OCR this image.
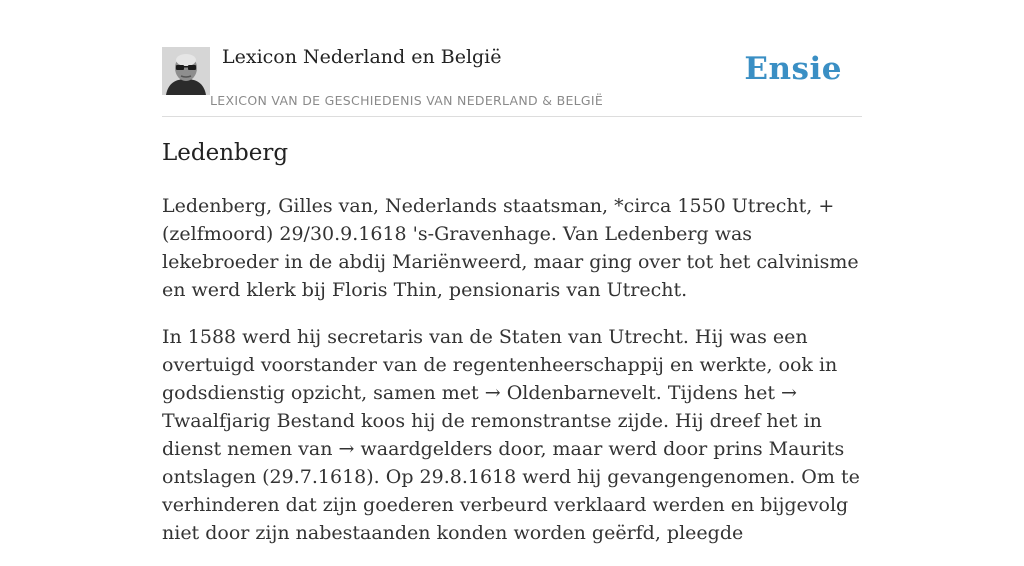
Lexicon Nederland en België
LEXICON VAN DE GESCHIEDENIS VAN NEDERLAND & BELGIË
Ensie
Ledenberg

Ledenberg, Gilles van, Nederlands staatsman, *circa 1550 Utrecht, +(zelfmoord) 29/30.9.1618 's-Gravenhage. Van Ledenberg was lekebroeder in de abdij Mariënweerd, maar ging over tot het calvinisme en werd klerk bij Floris Thin, pensionaris van Utrecht.

In 1588 werd hij secretaris van de Staten van Utrecht. Hij was een overtuigd voorstander van de regentenheerschappij en werkte, ook in godsdienstig opzicht, samen met → Oldenbarnevelt. Tijdens het → Twaalfjarig Bestand koos hij de remonstrantse zijde. Hij dreef het in dienst nemen van → waardgelders door, maar werd door prins Maurits ontslagen (29.7.1618). Op 29.8.1618 werd hij gevangengenomen. Om te verhinderen dat zijn goederen verbeurd verklaard werden en bijgevolg niet door zijn nabestaanden konden worden geërfd, pleegde
